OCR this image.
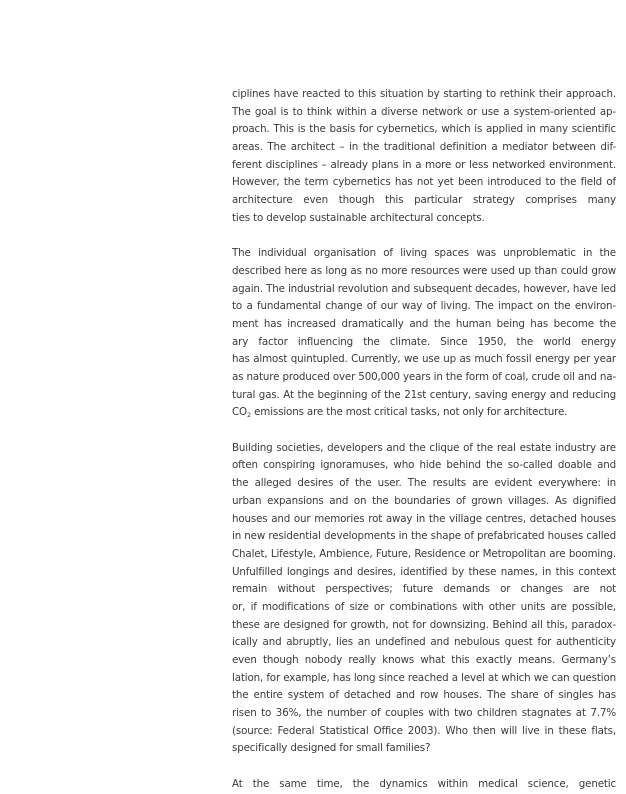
ciplines have reacted to this situation by starting to rethink their approach.
The goal is to think within a diverse network or use a system-oriented ap-
proach. This is the basis for cybernetics, which is applied in many scientific
areas. The architect – in the traditional definition a mediator between dif-
ferent disciplines – already plans in a more or less networked environment.
However, the term cybernetics has not yet been introduced to the field of
architecture even though this particular strategy comprises many
ties to develop sustainable architectural concepts.
The individual organisation of living spaces was unproblematic in the
described here as long as no more resources were used up than could grow
again. The industrial revolution and subsequent decades, however, have led
to a fundamental change of our way of living. The impact on the environ-
ment has increased dramatically and the human being has become the
ary factor influencing the climate. Since 1950, the world energy
has almost quintupled. Currently, we use up as much fossil energy per year
as nature produced over 500,000 years in the form of coal, crude oil and na-
tural gas. At the beginning of the 21st century, saving energy and reducing
$CO_2$ emissions are the most critical tasks, not only for architecture.
Building societies, developers and the clique of the real estate industry are
often conspiring ignoramuses, who hide behind the so-called doable and
the alleged desires of the user. The results are evident everywhere: in
urban expansions and on the boundaries of grown villages. As dignified
houses and our memories rot away in the village centres, detached houses
in new residential developments in the shape of prefabricated houses called
Chalet, Lifestyle, Ambience, Future, Residence or Metropolitan are booming.
Unfulfilled longings and desires, identified by these names, in this context
remain without perspectives; future demands or changes are not
or, if modifications of size or combinations with other units are possible,
these are designed for growth, not for downsizing. Behind all this, paradox-
ically and abruptly, lies an undefined and nebulous quest for authenticity
even though nobody really knows what this exactly means. Germany’s
lation, for example, has long since reached a level at which we can question
the entire system of detached and row houses. The share of singles has
risen to 36%, the number of couples with two children stagnates at 7.7%
(source: Federal Statistical Office 2003). Who then will live in these flats,
specifically designed for small families?
At the same time, the dynamics within medical science, genetic
